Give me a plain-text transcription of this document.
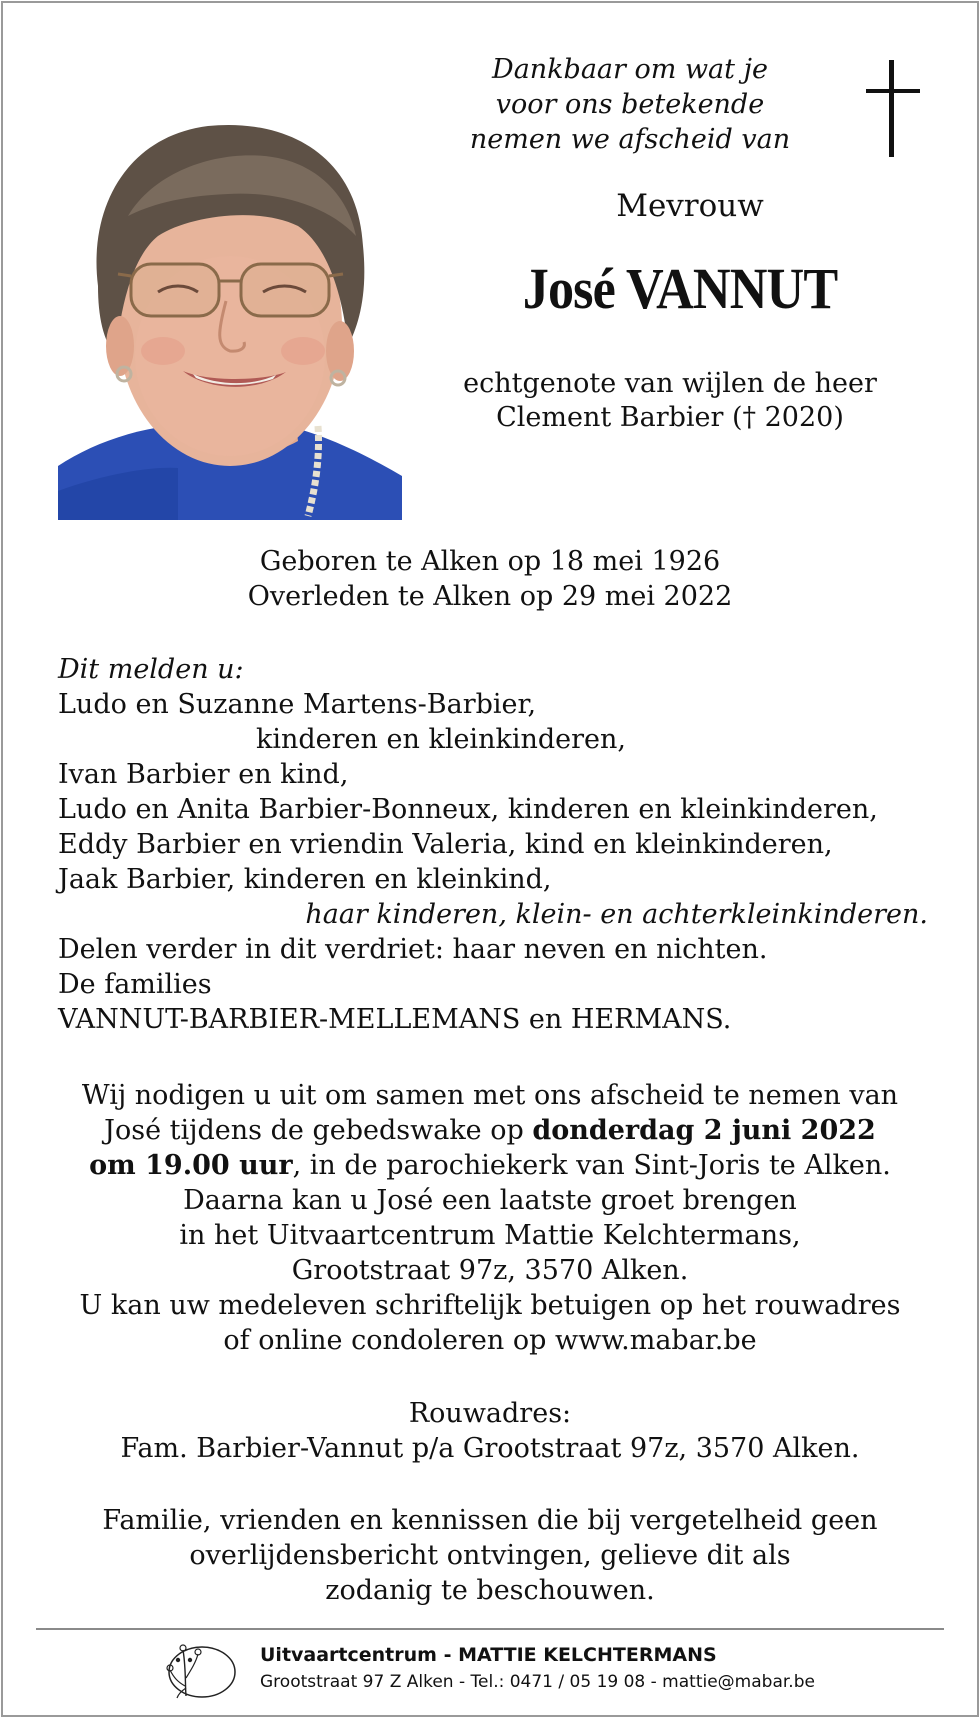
Dankbaar om wat je
voor ons betekende
nemen we afscheid van
Mevrouw
José VANNUT
echtgenote van wijlen de heer
Clement Barbier († 2020)
Geboren te Alken op 18 mei 1926
Overleden te Alken op 29 mei 2022
Dit melden u:
Ludo en Suzanne Martens-Barbier,
kinderen en kleinkinderen,
Ivan Barbier en kind,
Ludo en Anita Barbier-Bonneux, kinderen en kleinkinderen,
Eddy Barbier en vriendin Valeria, kind en kleinkinderen,
Jaak Barbier, kinderen en kleinkind,
haar kinderen, klein- en achterkleinkinderen.
Delen verder in dit verdriet: haar neven en nichten.
De families
VANNUT-BARBIER-MELLEMANS en HERMANS.
Wij nodigen u uit om samen met ons afscheid te nemen van
José tijdens de gebedswake op donderdag 2 juni 2022
om 19.00 uur, in de parochiekerk van Sint-Joris te Alken.
Daarna kan u José een laatste groet brengen
in het Uitvaartcentrum Mattie Kelchtermans,
Grootstraat 97z, 3570 Alken.
U kan uw medeleven schriftelijk betuigen op het rouwadres
of online condoleren op www.mabar.be
Rouwadres:
Fam. Barbier-Vannut p/a Grootstraat 97z, 3570 Alken.
Familie, vrienden en kennissen die bij vergetelheid geen
overlijdensbericht ontvingen, gelieve dit als
zodanig te beschouwen.
Uitvaartcentrum - MATTIE KELCHTERMANS
Grootstraat 97 Z Alken - Tel.: 0471 / 05 19 08 - mattie@mabar.be
